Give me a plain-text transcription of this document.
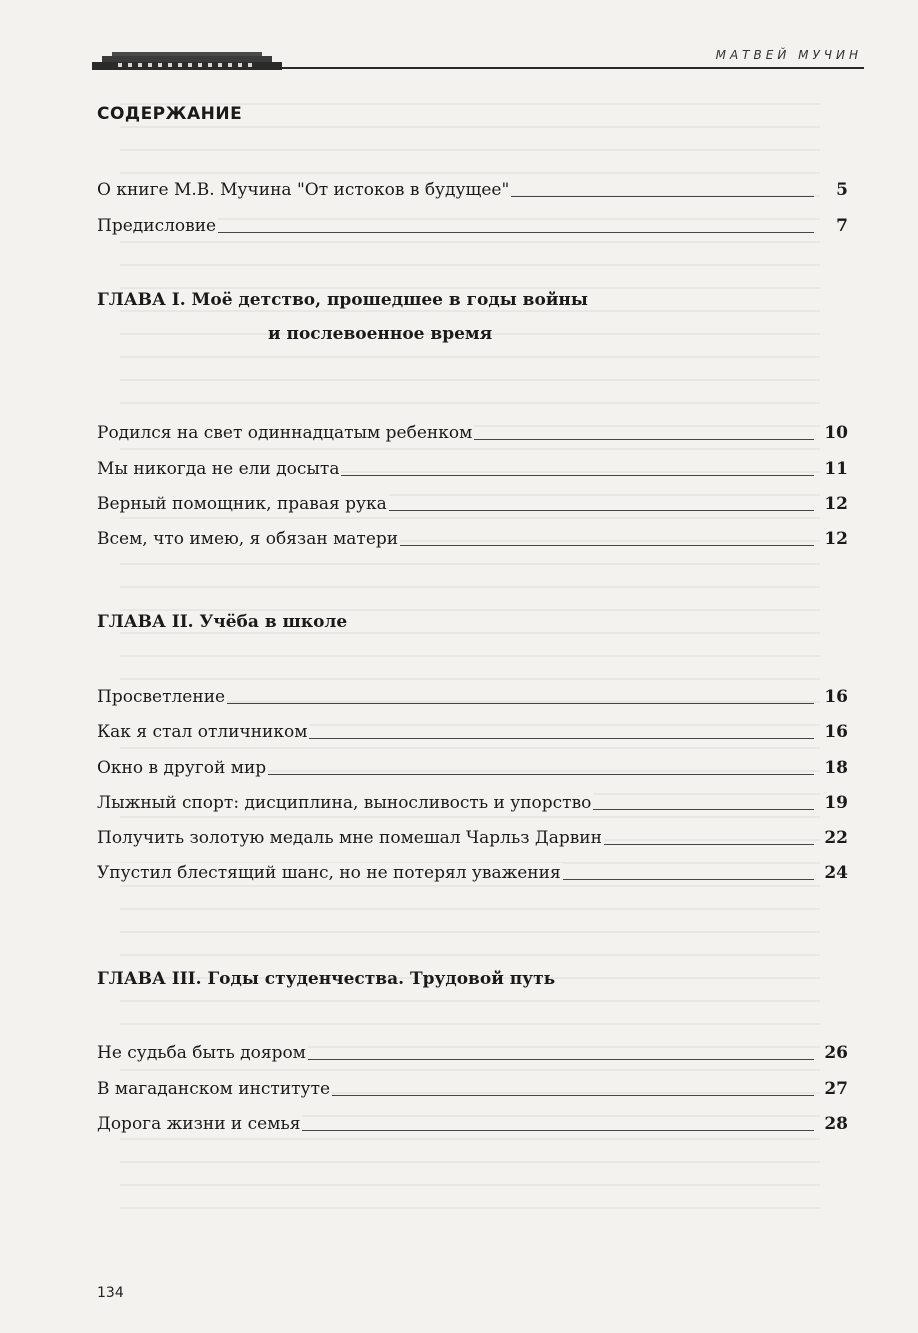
МАТВЕЙ МУЧИН
СОДЕРЖАНИЕ
О книге М.В. Мучина "От истоков в будущее"	5
Предисловие	7
ГЛАВА I. Моё детство, прошедшее в годы войны
и послевоенное время
Родился на свет одиннадцатым ребенком	10
Мы никогда не ели досыта	11
Верный помощник, правая рука	12
Всем, что имею, я обязан матери	12
ГЛАВА II. Учёба в школе
Просветление	16
Как я стал отличником	16
Окно в другой мир	18
Лыжный спорт: дисциплина, выносливость и упорство	19
Получить золотую медаль мне помешал Чарльз Дарвин	22
Упустил блестящий шанс, но не потерял уважения	24
ГЛАВА III. Годы студенчества. Трудовой путь
Не судьба быть дояром	26
В магаданском институте	27
Дорога жизни и семья	28
134
